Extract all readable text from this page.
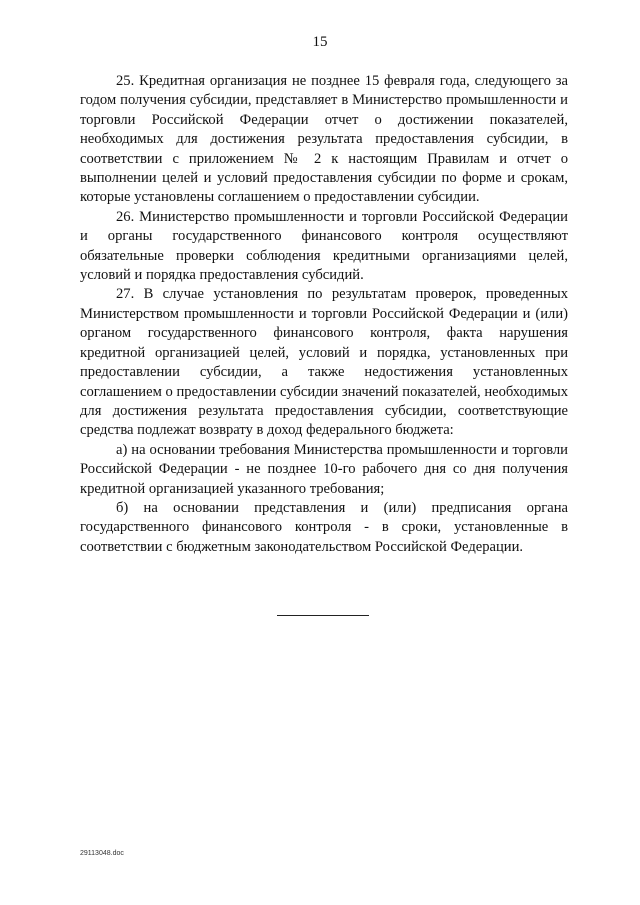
15

25. Кредитная организация не позднее 15 февраля года, следующего за годом получения субсидии, представляет в Министерство промышленности и торговли Российской Федерации отчет о достижении показателей, необходимых для достижения результата предоставления субсидии, в соответствии с приложением № 2 к настоящим Правилам и отчет о выполнении целей и условий предоставления субсидии по форме и срокам, которые установлены соглашением о предоставлении субсидии.

26. Министерство промышленности и торговли Российской Федерации и органы государственного финансового контроля осуществляют обязательные проверки соблюдения кредитными организациями целей, условий и порядка предоставления субсидий.

27. В случае установления по результатам проверок, проведенных Министерством промышленности и торговли Российской Федерации и (или) органом государственного финансового контроля, факта нарушения кредитной организацией целей, условий и порядка, установленных при предоставлении субсидии, а также недостижения установленных соглашением о предоставлении субсидии значений показателей, необходимых для достижения результата предоставления субсидии, соответствующие средства подлежат возврату в доход федерального бюджета:

а) на основании требования Министерства промышленности и торговли Российской Федерации - не позднее 10-го рабочего дня со дня получения кредитной организацией указанного требования;

б) на основании представления и (или) предписания органа государственного финансового контроля - в сроки, установленные в соответствии с бюджетным законодательством Российской Федерации.

29113048.doc
